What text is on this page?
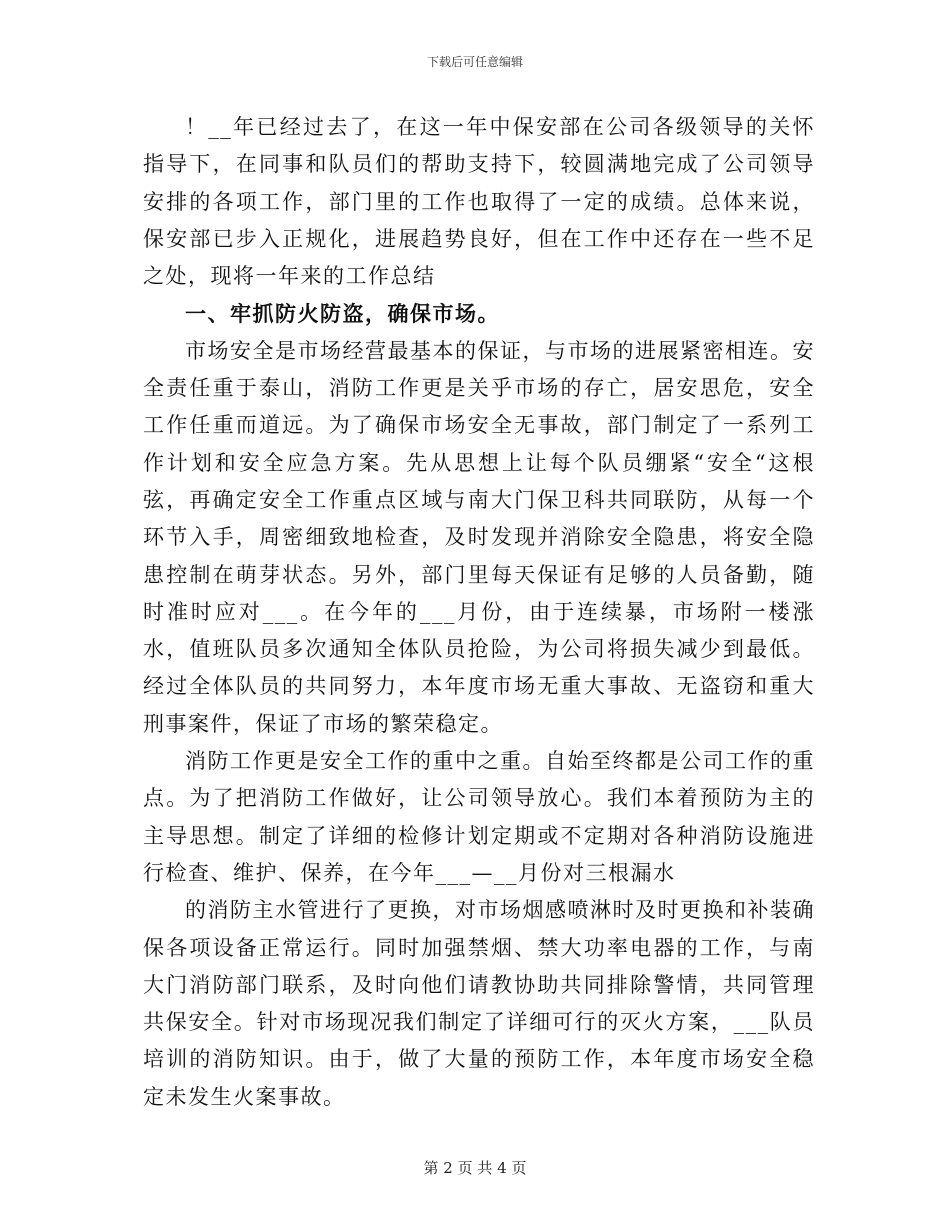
下载后可任意编辑

！__年已经过去了，在这一年中保安部在公司各级领导的关怀指导下，在同事和队员们的帮助支持下，较圆满地完成了公司领导安排的各项工作，部门里的工作也取得了一定的成绩。总体来说，保安部已步入正规化，进展趋势良好，但在工作中还存在一些不足之处，现将一年来的工作总结

一、牢抓防火防盗，确保市场。

市场安全是市场经营最基本的保证，与市场的进展紧密相连。安全责任重于泰山，消防工作更是关乎市场的存亡，居安思危，安全工作任重而道远。为了确保市场安全无事故，部门制定了一系列工作计划和安全应急方案。先从思想上让每个队员绷紧“安全“这根弦，再确定安全工作重点区域与南大门保卫科共同联防，从每一个环节入手，周密细致地检查，及时发现并消除安全隐患，将安全隐患控制在萌芽状态。另外，部门里每天保证有足够的人员备勤，随时准时应对___。在今年的___月份，由于连续暴，市场附一楼涨水，值班队员多次通知全体队员抢险，为公司将损失减少到最低。经过全体队员的共同努力，本年度市场无重大事故、无盗窃和重大刑事案件，保证了市场的繁荣稳定。

消防工作更是安全工作的重中之重。自始至终都是公司工作的重点。为了把消防工作做好，让公司领导放心。我们本着预防为主的主导思想。制定了详细的检修计划定期或不定期对各种消防设施进行检查、维护、保养，在今年___—__月份对三根漏水

的消防主水管进行了更换，对市场烟感喷淋时及时更换和补装确保各项设备正常运行。同时加强禁烟、禁大功率电器的工作，与南大门消防部门联系，及时向他们请教协助共同排除警情，共同管理共保安全。针对市场现况我们制定了详细可行的灭火方案，___队员培训的消防知识。由于，做了大量的预防工作，本年度市场安全稳定未发生火案事故。

第 2 页 共 4 页
